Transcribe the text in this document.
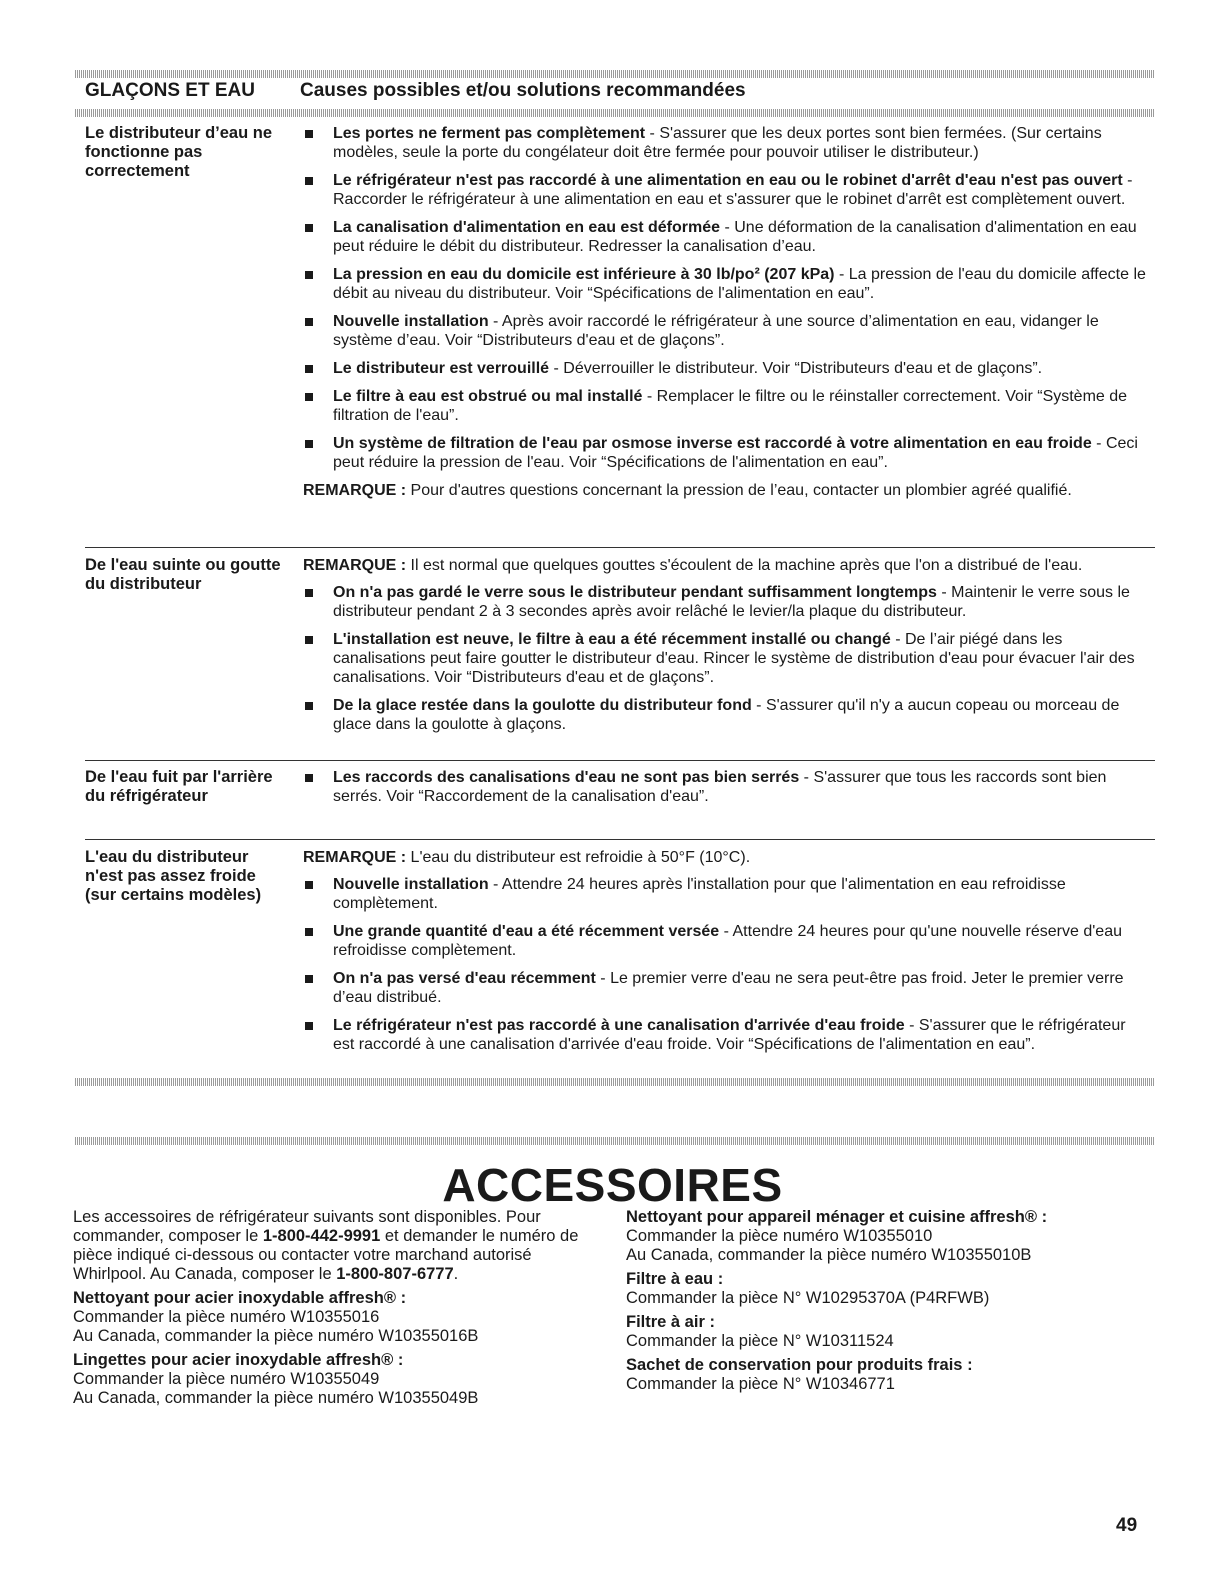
GLAÇONS ET EAU Causes possibles et/ou solutions recommandées
Le distributeur d’eau ne fonctionne pas correctement
Les portes ne ferment pas complètement - S'assurer que les deux portes sont bien fermées. (Sur certains modèles, seule la porte du congélateur doit être fermée pour pouvoir utiliser le distributeur.)
Le réfrigérateur n'est pas raccordé à une alimentation en eau ou le robinet d'arrêt d'eau n'est pas ouvert - Raccorder le réfrigérateur à une alimentation en eau et s'assurer que le robinet d'arrêt est complètement ouvert.
La canalisation d'alimentation en eau est déformée - Une déformation de la canalisation d'alimentation en eau peut réduire le débit du distributeur. Redresser la canalisation d’eau.
La pression en eau du domicile est inférieure à 30 lb/po² (207 kPa) - La pression de l'eau du domicile affecte le débit au niveau du distributeur. Voir “Spécifications de l'alimentation en eau”.
Nouvelle installation - Après avoir raccordé le réfrigérateur à une source d’alimentation en eau, vidanger le système d’eau. Voir “Distributeurs d'eau et de glaçons”.
Le distributeur est verrouillé - Déverrouiller le distributeur. Voir “Distributeurs d'eau et de glaçons”.
Le filtre à eau est obstrué ou mal installé - Remplacer le filtre ou le réinstaller correctement. Voir “Système de filtration de l'eau”.
Un système de filtration de l'eau par osmose inverse est raccordé à votre alimentation en eau froide - Ceci peut réduire la pression de l'eau. Voir “Spécifications de l'alimentation en eau”.
REMARQUE : Pour d'autres questions concernant la pression de l’eau, contacter un plombier agréé qualifié.
De l'eau suinte ou goutte du distributeur
REMARQUE : Il est normal que quelques gouttes s'écoulent de la machine après que l'on a distribué de l'eau.
On n'a pas gardé le verre sous le distributeur pendant suffisamment longtemps - Maintenir le verre sous le distributeur pendant 2 à 3 secondes après avoir relâché le levier/la plaque du distributeur.
L'installation est neuve, le filtre à eau a été récemment installé ou changé - De l’air piégé dans les canalisations peut faire goutter le distributeur d'eau. Rincer le système de distribution d'eau pour évacuer l'air des canalisations. Voir “Distributeurs d'eau et de glaçons”.
De la glace restée dans la goulotte du distributeur fond - S'assurer qu'il n'y a aucun copeau ou morceau de glace dans la goulotte à glaçons.
De l'eau fuit par l'arrière du réfrigérateur
Les raccords des canalisations d'eau ne sont pas bien serrés - S'assurer que tous les raccords sont bien serrés. Voir “Raccordement de la canalisation d'eau”.
L'eau du distributeur n'est pas assez froide (sur certains modèles)
REMARQUE : L'eau du distributeur est refroidie à 50°F (10°C).
Nouvelle installation - Attendre 24 heures après l'installation pour que l'alimentation en eau refroidisse complètement.
Une grande quantité d'eau a été récemment versée - Attendre 24 heures pour qu'une nouvelle réserve d'eau refroidisse complètement.
On n'a pas versé d'eau récemment - Le premier verre d'eau ne sera peut-être pas froid. Jeter le premier verre d’eau distribué.
Le réfrigérateur n'est pas raccordé à une canalisation d'arrivée d'eau froide - S'assurer que le réfrigérateur est raccordé à une canalisation d'arrivée d'eau froide. Voir “Spécifications de l'alimentation en eau”.
ACCESSOIRES
Les accessoires de réfrigérateur suivants sont disponibles. Pour commander, composer le 1-800-442-9991 et demander le numéro de pièce indiqué ci-dessous ou contacter votre marchand autorisé Whirlpool. Au Canada, composer le 1-800-807-6777.
Nettoyant pour acier inoxydable affresh® :
Commander la pièce numéro W10355016
Au Canada, commander la pièce numéro W10355016B
Lingettes pour acier inoxydable affresh® :
Commander la pièce numéro W10355049
Au Canada, commander la pièce numéro W10355049B
Nettoyant pour appareil ménager et cuisine affresh® :
Commander la pièce numéro W10355010
Au Canada, commander la pièce numéro W10355010B
Filtre à eau :
Commander la pièce N° W10295370A (P4RFWB)
Filtre à air :
Commander la pièce N° W10311524
Sachet de conservation pour produits frais :
Commander la pièce N° W10346771
49
